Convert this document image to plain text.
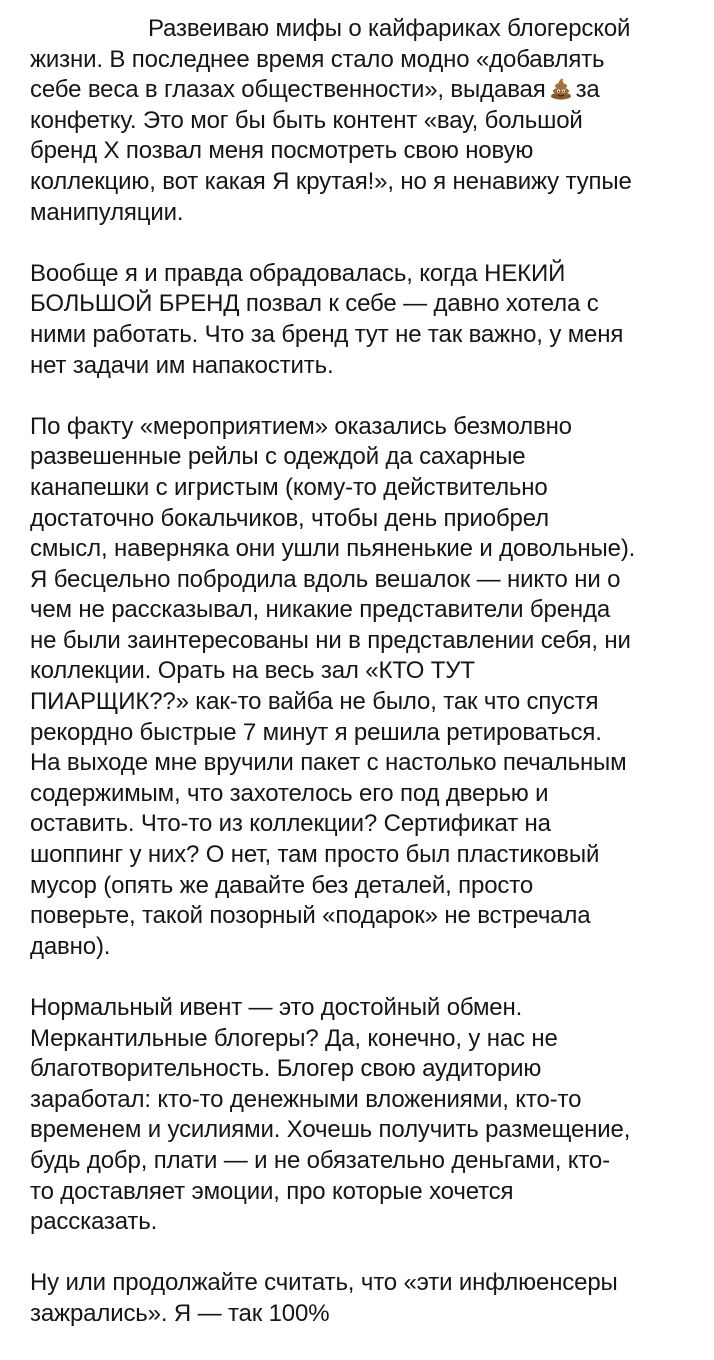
Развеиваю мифы о кайфариках блогерской
жизни. В последнее время стало модно «добавлять
себе веса в глазах общественности», выдавая за
конфетку. Это мог бы быть контент «вау, большой
бренд Х позвал меня посмотреть свою новую
коллекцию, вот какая Я крутая!», но я ненавижу тупые
манипуляции.
Вообще я и правда обрадовалась, когда НЕКИЙ
БОЛЬШОЙ БРЕНД позвал к себе — давно хотела с
ними работать. Что за бренд тут не так важно, у меня
нет задачи им напакостить.
По факту «мероприятием» оказались безмолвно
развешенные рейлы с одеждой да сахарные
канапешки с игристым (кому-то действительно
достаточно бокальчиков, чтобы день приобрел
смысл, наверняка они ушли пьяненькие и довольные).
Я бесцельно побродила вдоль вешалок — никто ни о
чем не рассказывал, никакие представители бренда
не были заинтересованы ни в представлении себя, ни
коллекции. Орать на весь зал «КТО ТУТ
ПИАРЩИК??» как-то вайба не было, так что спустя
рекордно быстрые 7 минут я решила ретироваться.
На выходе мне вручили пакет с настолько печальным
содержимым, что захотелось его под дверью и
оставить. Что-то из коллекции? Сертификат на
шоппинг у них? О нет, там просто был пластиковый
мусор (опять же давайте без деталей, просто
поверьте, такой позорный «подарок» не встречала
давно).
Нормальный ивент — это достойный обмен.
Меркантильные блогеры? Да, конечно, у нас не
благотворительность. Блогер свою аудиторию
заработал: кто-то денежными вложениями, кто-то
временем и усилиями. Хочешь получить размещение,
будь добр, плати — и не обязательно деньгами, кто-
то доставляет эмоции, про которые хочется
рассказать.
Ну или продолжайте считать, что «эти инфлюенсеры
зажрались». Я — так 100%
